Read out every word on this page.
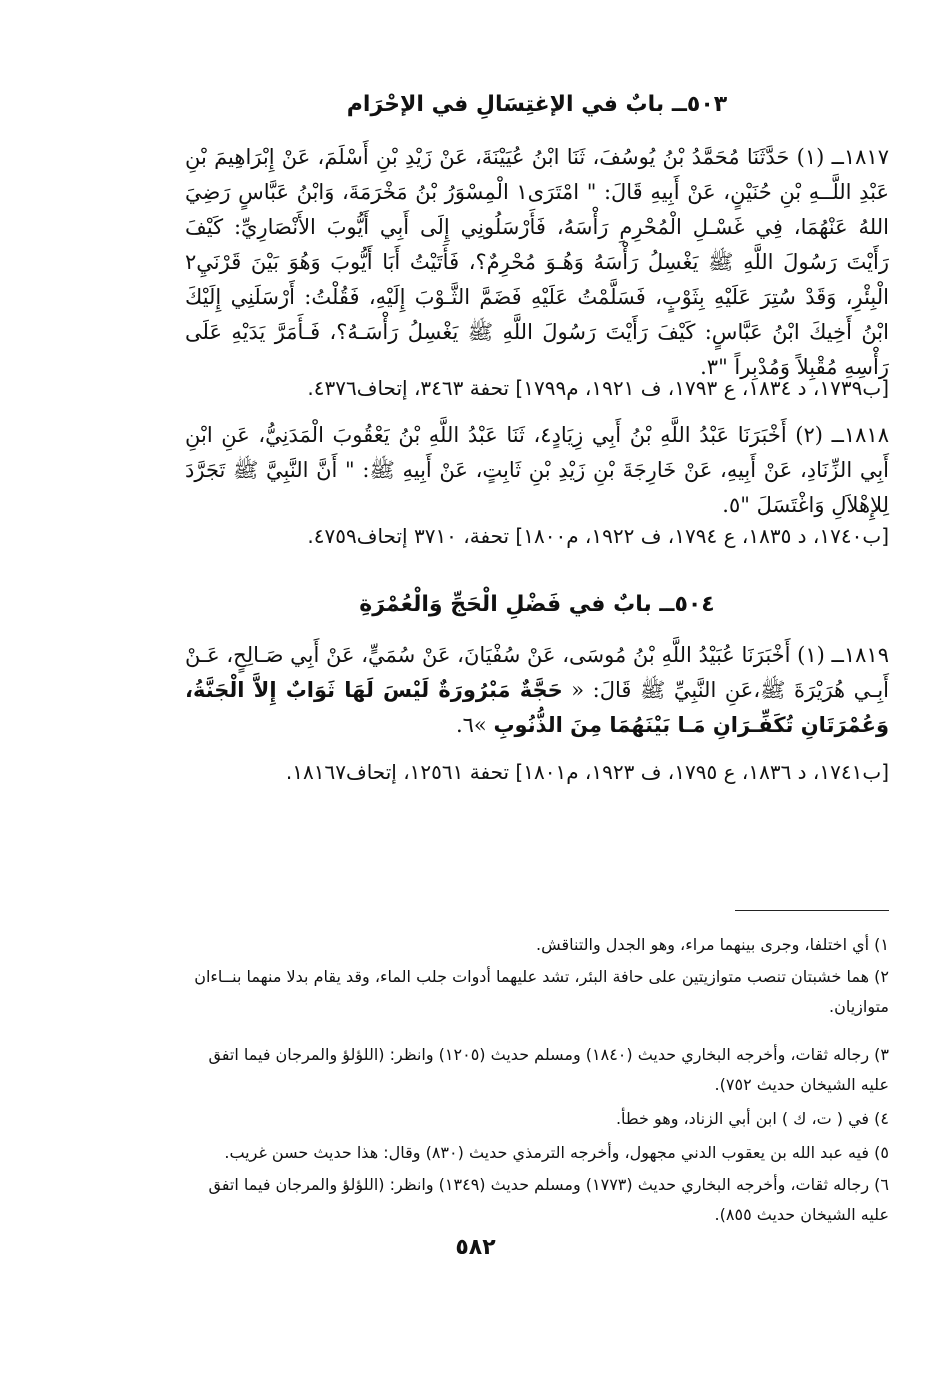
٥٠٣ــ بابٌ في الإغتِسَالِ في الإحْرَام
١٨١٧ــ (١) حَدَّثَنَا مُحَمَّدُ بْنُ يُوسُفَ، ثَنَا ابْنُ عُيَيْنَةَ، عَنْ زَيْدِ بْنِ أَسْلَمَ، عَنْ إِبْرَاهِيمَ بْنِ عَبْدِ اللَّــهِ بْنِ حُنَيْنٍ، عَنْ أَبِيهِ قَالَ: " امْتَرَى١ الْمِسْوَرُ بْنُ مَخْرَمَةَ، وَابْنُ عَبَّاسٍ رَضِيَ اللهُ عَنْهُمَا، فِي غَسْـلِ الْمُحْرِمِ رَأْسَهُ، فَأَرْسَلُونِي إِلَى أَبِي أَيُّوبَ الأَنْصَارِيِّ: كَيْفَ رَأَيْتَ رَسُولَ اللَّهِ ﷺ يَغْسِلُ رَأْسَهُ وَهُـوَ مُحْرِمٌ؟، فَأَتَيْتُ أَبَا أَيُّوبَ وَهُوَ بَيْنَ قَرْنَيِ٢ الْبِئْرِ، وَقَدْ سُتِرَ عَلَيْهِ بِثَوْبٍ، فَسَلَّمْتُ عَلَيْهِ فَضَمَّ الثَّـوْبَ إِلَيْهِ، فَقُلْتُ: أَرْسَلَنِي إِلَيْكَ ابْنُ أَخِيكَ ابْنُ عَبَّاسٍ: كَيْفَ رَأَيْتَ رَسُولَ اللَّهِ ﷺ يَغْسِلُ رَأْسَـهُ؟، فَـأَمَرَّ يَدَيْهِ عَلَى رَأْسِهِ مُقْبِلاً وَمُدْبِراً "٣.
[ب١٧٣٩، د ١٨٣٤، ع ١٧٩٣، ف ١٩٢١، م١٧٩٩] تحفة ٣٤٦٣، إتحاف٤٣٧٦.
١٨١٨ــ (٢) أَخْبَرَنَا عَبْدُ اللَّهِ بْنُ أَبِي زِيَادٍ٤، ثَنَا عَبْدُ اللَّهِ بْنُ يَعْقُوبَ الْمَدَنِيُّ، عَنِ ابْنِ أَبِي الزِّنَادِ، عَنْ أَبِيهِ، عَنْ خَارِجَةَ بْنِ زَيْدِ بْنِ ثَابِتٍ، عَنْ أَبِيهِ ﷺ: " أَنَّ النَّبِيَّ ﷺ تَجَرَّدَ لِلإِهْلاَلِ وَاغْتَسَلَ "٥.
[ب١٧٤٠، د ١٨٣٥، ع ١٧٩٤، ف ١٩٢٢، م١٨٠٠] تحفة، ٣٧١٠ إتحاف٤٧٥٩.
٥٠٤ــ بابٌ في فَضْلِ الْحَجِّ وَالْعُمْرَةِ
١٨١٩ــ (١) أَخْبَرَنَا عُبَيْدُ اللَّهِ بْنُ مُوسَى، عَنْ سُفْيَانَ، عَنْ سُمَيٍّ، عَنْ أَبِي صَـالِحٍ، عَـنْ أَبِـي هُرَيْرَةَ ﷺ،عَنِ النَّبِيِّ ﷺ قَالَ: « حَجَّةٌ مَبْرُورَةٌ لَيْسَ لَهَا ثَوَابٌ إِلاَّ الْجَنَّةُ، وَعُمْرَتَانِ تُكَفِّـرَانِ مَـا بَيْنَهُمَا مِنَ الذُّنُوبِ »٦.
[ب١٧٤١، د ١٨٣٦، ع ١٧٩٥، ف ١٩٢٣، م١٨٠١] تحفة ١٢٥٦١، إتحاف١٨١٦٧.
١) أي اختلفا، وجرى بينهما مراء، وهو الجدل والتناقش.
٢) هما خشبتان تنصب متوازيتين على حافة البئر، تشد عليهما أدوات جلب الماء، وقد يقام بدلا منهما بنــاءان متوازيان.
٣) رجاله ثقات، وأخرجه البخاري حديث (١٨٤٠) ومسلم حديث (١٢٠٥) وانظر: (اللؤلؤ والمرجان فيما اتفق عليه الشيخان حديث ٧٥٢).
٤) في ( ت، ك ) ابن أبي الزناد، وهو خطأ.
٥) فيه عبد الله بن يعقوب الدني مجهول، وأخرجه الترمذي حديث (٨٣٠) وقال: هذا حديث حسن غريب.
٦) رجاله ثقات، وأخرجه البخاري حديث (١٧٧٣) ومسلم حديث (١٣٤٩) وانظر: (اللؤلؤ والمرجان فيما اتفق عليه الشيخان حديث ٨٥٥).
٥٨٢
